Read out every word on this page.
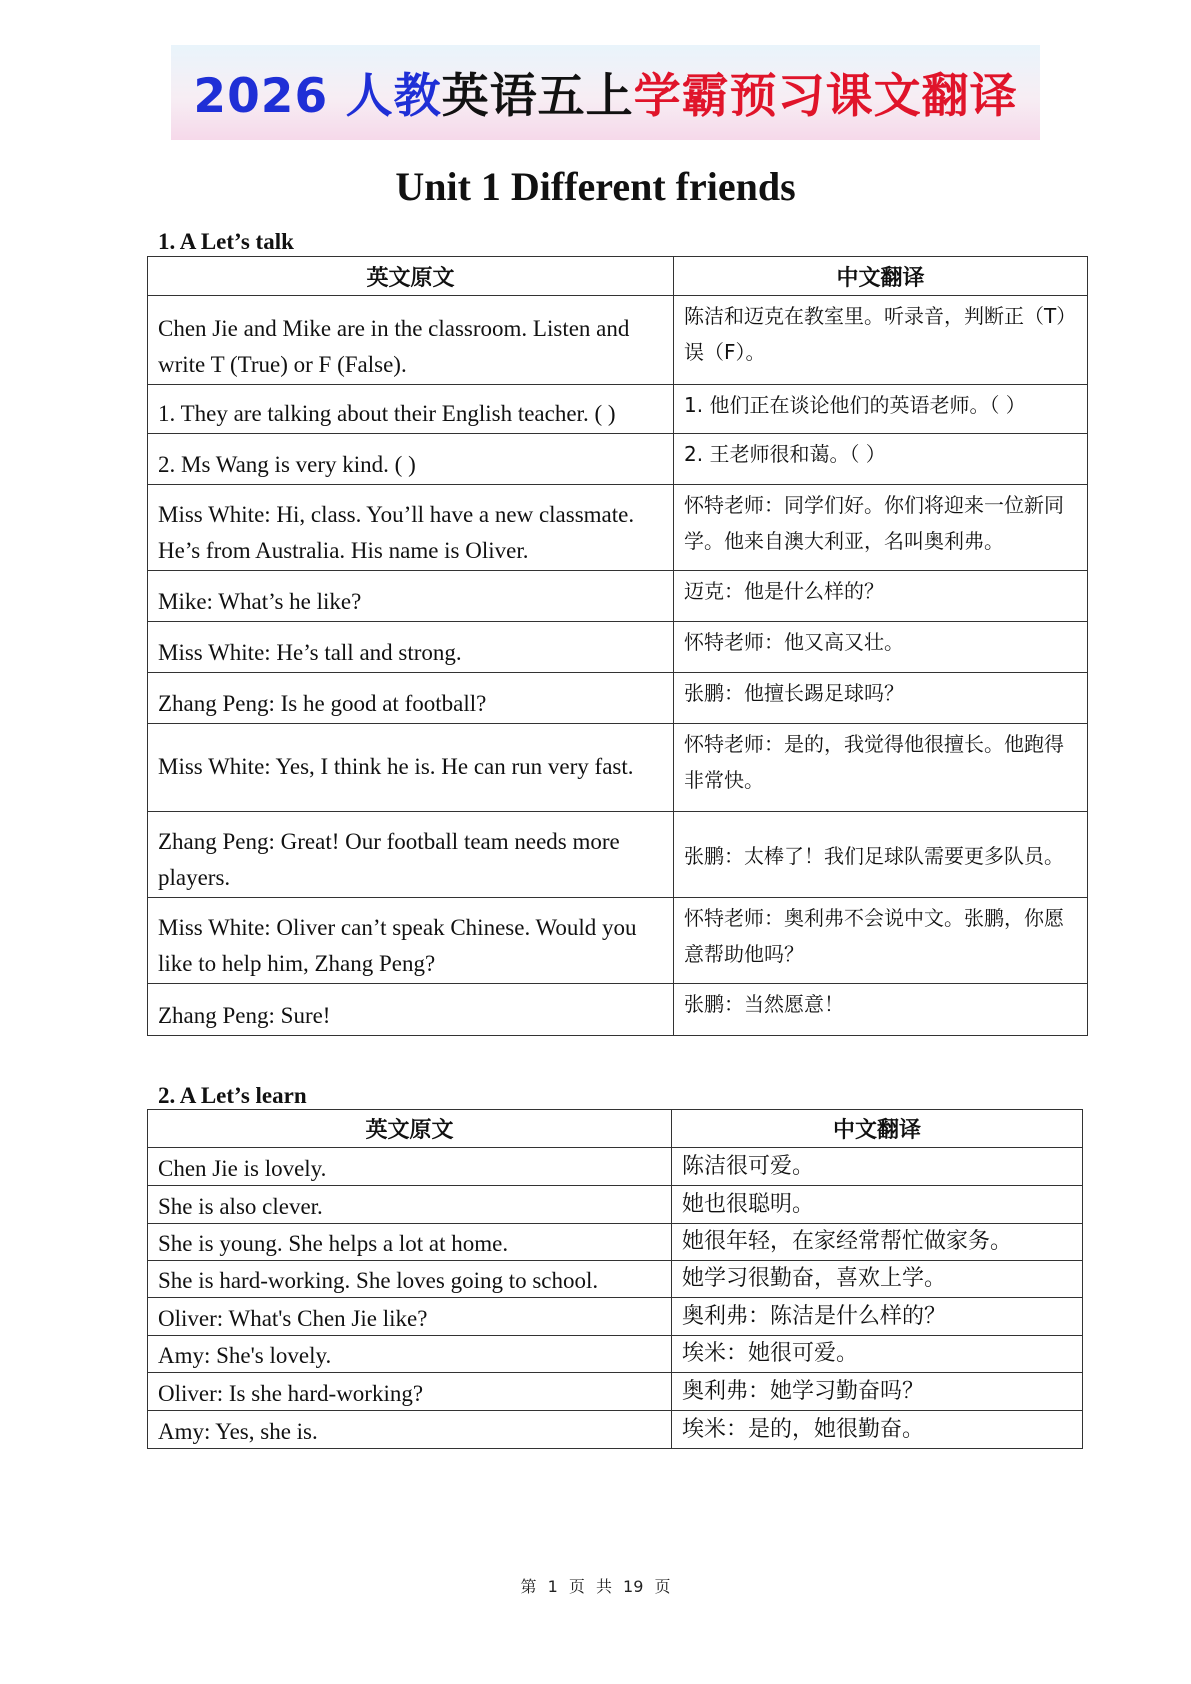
2026 人教英语五上学霸预习课文翻译
Unit 1 Different friends
1. A Let’s talk
英文原文	中文翻译
Chen Jie and Mike are in the classroom. Listen and write T (True) or F (False).	陈洁和迈克在教室里。听录音，判断正（T）误（F）。
1. They are talking about their English teacher. ( )	1. 他们正在谈论他们的英语老师。（ ）
2. Ms Wang is very kind. ( )	2. 王老师很和蔼。（ ）
Miss White: Hi, class. You’ll have a new classmate. He’s from Australia. His name is Oliver.	怀特老师：同学们好。你们将迎来一位新同学。他来自澳大利亚，名叫奥利弗。
Mike: What’s he like?	迈克：他是什么样的？
Miss White: He’s tall and strong.	怀特老师：他又高又壮。
Zhang Peng: Is he good at football?	张鹏：他擅长踢足球吗？
Miss White: Yes, I think he is. He can run very fast.	怀特老师：是的，我觉得他很擅长。他跑得非常快。
Zhang Peng: Great! Our football team needs more players.	张鹏：太棒了！我们足球队需要更多队员。
Miss White: Oliver can’t speak Chinese. Would you like to help him, Zhang Peng?	怀特老师：奥利弗不会说中文。张鹏，你愿意帮助他吗？
Zhang Peng: Sure!	张鹏：当然愿意！
2. A Let’s learn
英文原文	中文翻译
Chen Jie is lovely.	陈洁很可爱。
She is also clever.	她也很聪明。
She is young. She helps a lot at home.	她很年轻，在家经常帮忙做家务。
She is hard-working. She loves going to school.	她学习很勤奋，喜欢上学。
Oliver: What's Chen Jie like?	奥利弗：陈洁是什么样的？
Amy: She's lovely.	埃米：她很可爱。
Oliver: Is she hard-working?	奥利弗：她学习勤奋吗？
Amy: Yes, she is.	埃米：是的，她很勤奋。
第 1 页 共 19 页
